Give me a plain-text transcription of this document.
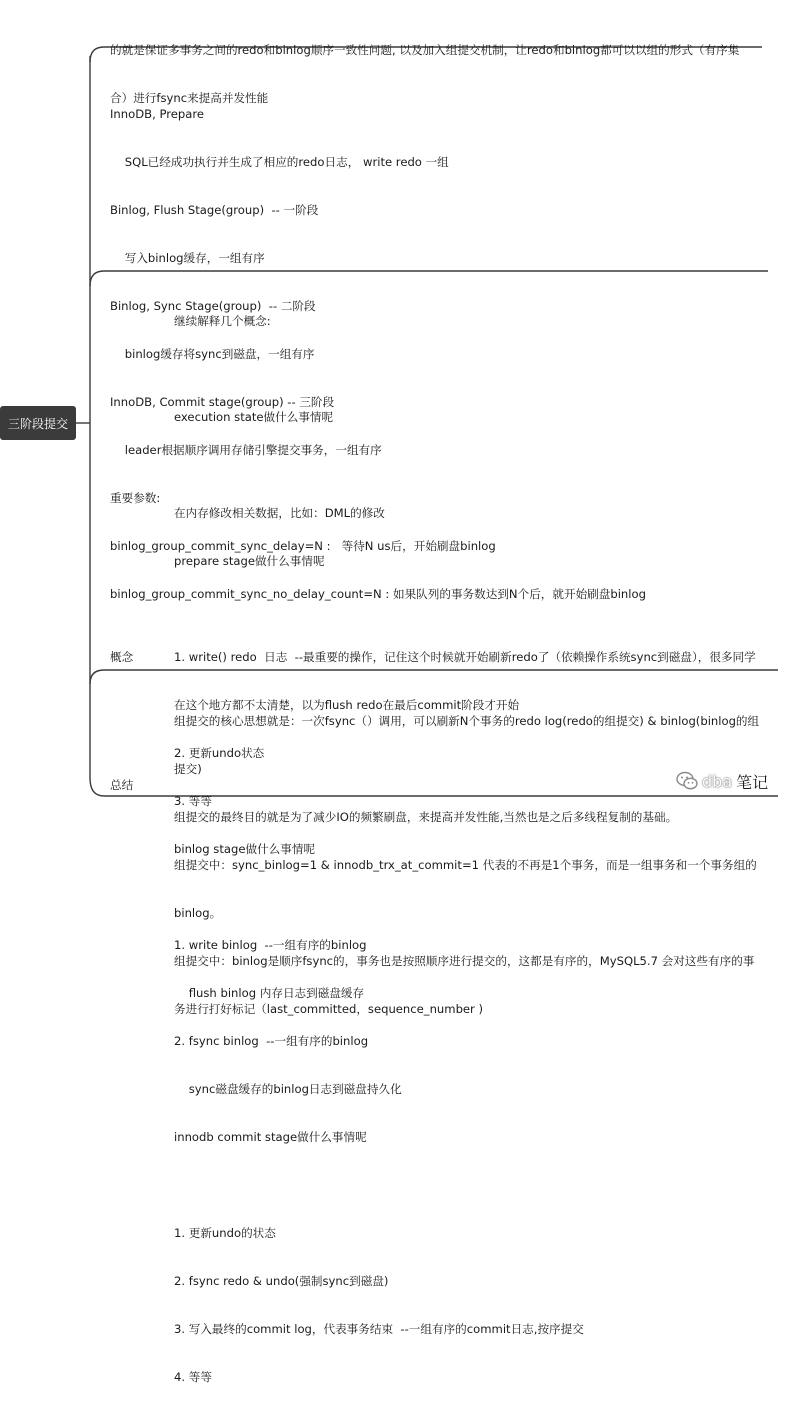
三阶段提交

的就是保证多事务之间的redo和binlog顺序一致性问题, 以及加入组提交机制，让redo和binlog都可以以组的形式（有序集

合）进行fsync来提高并发性能

InnoDB, Prepare

SQL已经成功执行并生成了相应的redo日志， write redo 一组

Binlog, Flush Stage(group)  -- 一阶段

写入binlog缓存，一组有序

Binlog, Sync Stage(group)  -- 二阶段

binlog缓存将sync到磁盘，一组有序

InnoDB, Commit stage(group) -- 三阶段

leader根据顺序调用存储引擎提交事务，一组有序

重要参数:

binlog_group_commit_sync_delay=N :   等待N us后，开始刷盘binlog

binlog_group_commit_sync_no_delay_count=N : 如果队列的事务数达到N个后，就开始刷盘binlog

继续解释几个概念:

execution state做什么事情呢

在内存修改相关数据，比如：DML的修改

prepare stage做什么事情呢

1. write() redo  日志  --最重要的操作，记住这个时候就开始刷新redo了（依赖操作系统sync到磁盘），很多同学

在这个地方都不太清楚，以为flush redo在最后commit阶段才开始

2. 更新undo状态

3. 等等

binlog stage做什么事情呢

1. write binlog  --一组有序的binlog

flush binlog 内存日志到磁盘缓存

2. fsync binlog  --一组有序的binlog

sync磁盘缓存的binlog日志到磁盘持久化

innodb commit stage做什么事情呢

1. 更新undo的状态

2. fsync redo & undo(强制sync到磁盘)

3. 写入最终的commit log，代表事务结束  --一组有序的commit日志,按序提交

4. 等等

概念

组提交的核心思想就是：一次fsync（）调用，可以刷新N个事务的redo log(redo的组提交) & binlog(binlog的组

提交)

组提交的最终目的就是为了减少IO的频繁刷盘，来提高并发性能,当然也是之后多线程复制的基础。

组提交中：sync_binlog=1 & innodb_trx_at_commit=1 代表的不再是1个事务，而是一组事务和一个事务组的

binlog。

组提交中：binlog是顺序fsync的，事务也是按照顺序进行提交的，这都是有序的，MySQL5.7 会对这些有序的事

务进行打好标记（last_committed，sequence_number )

总结	dba 笔记
